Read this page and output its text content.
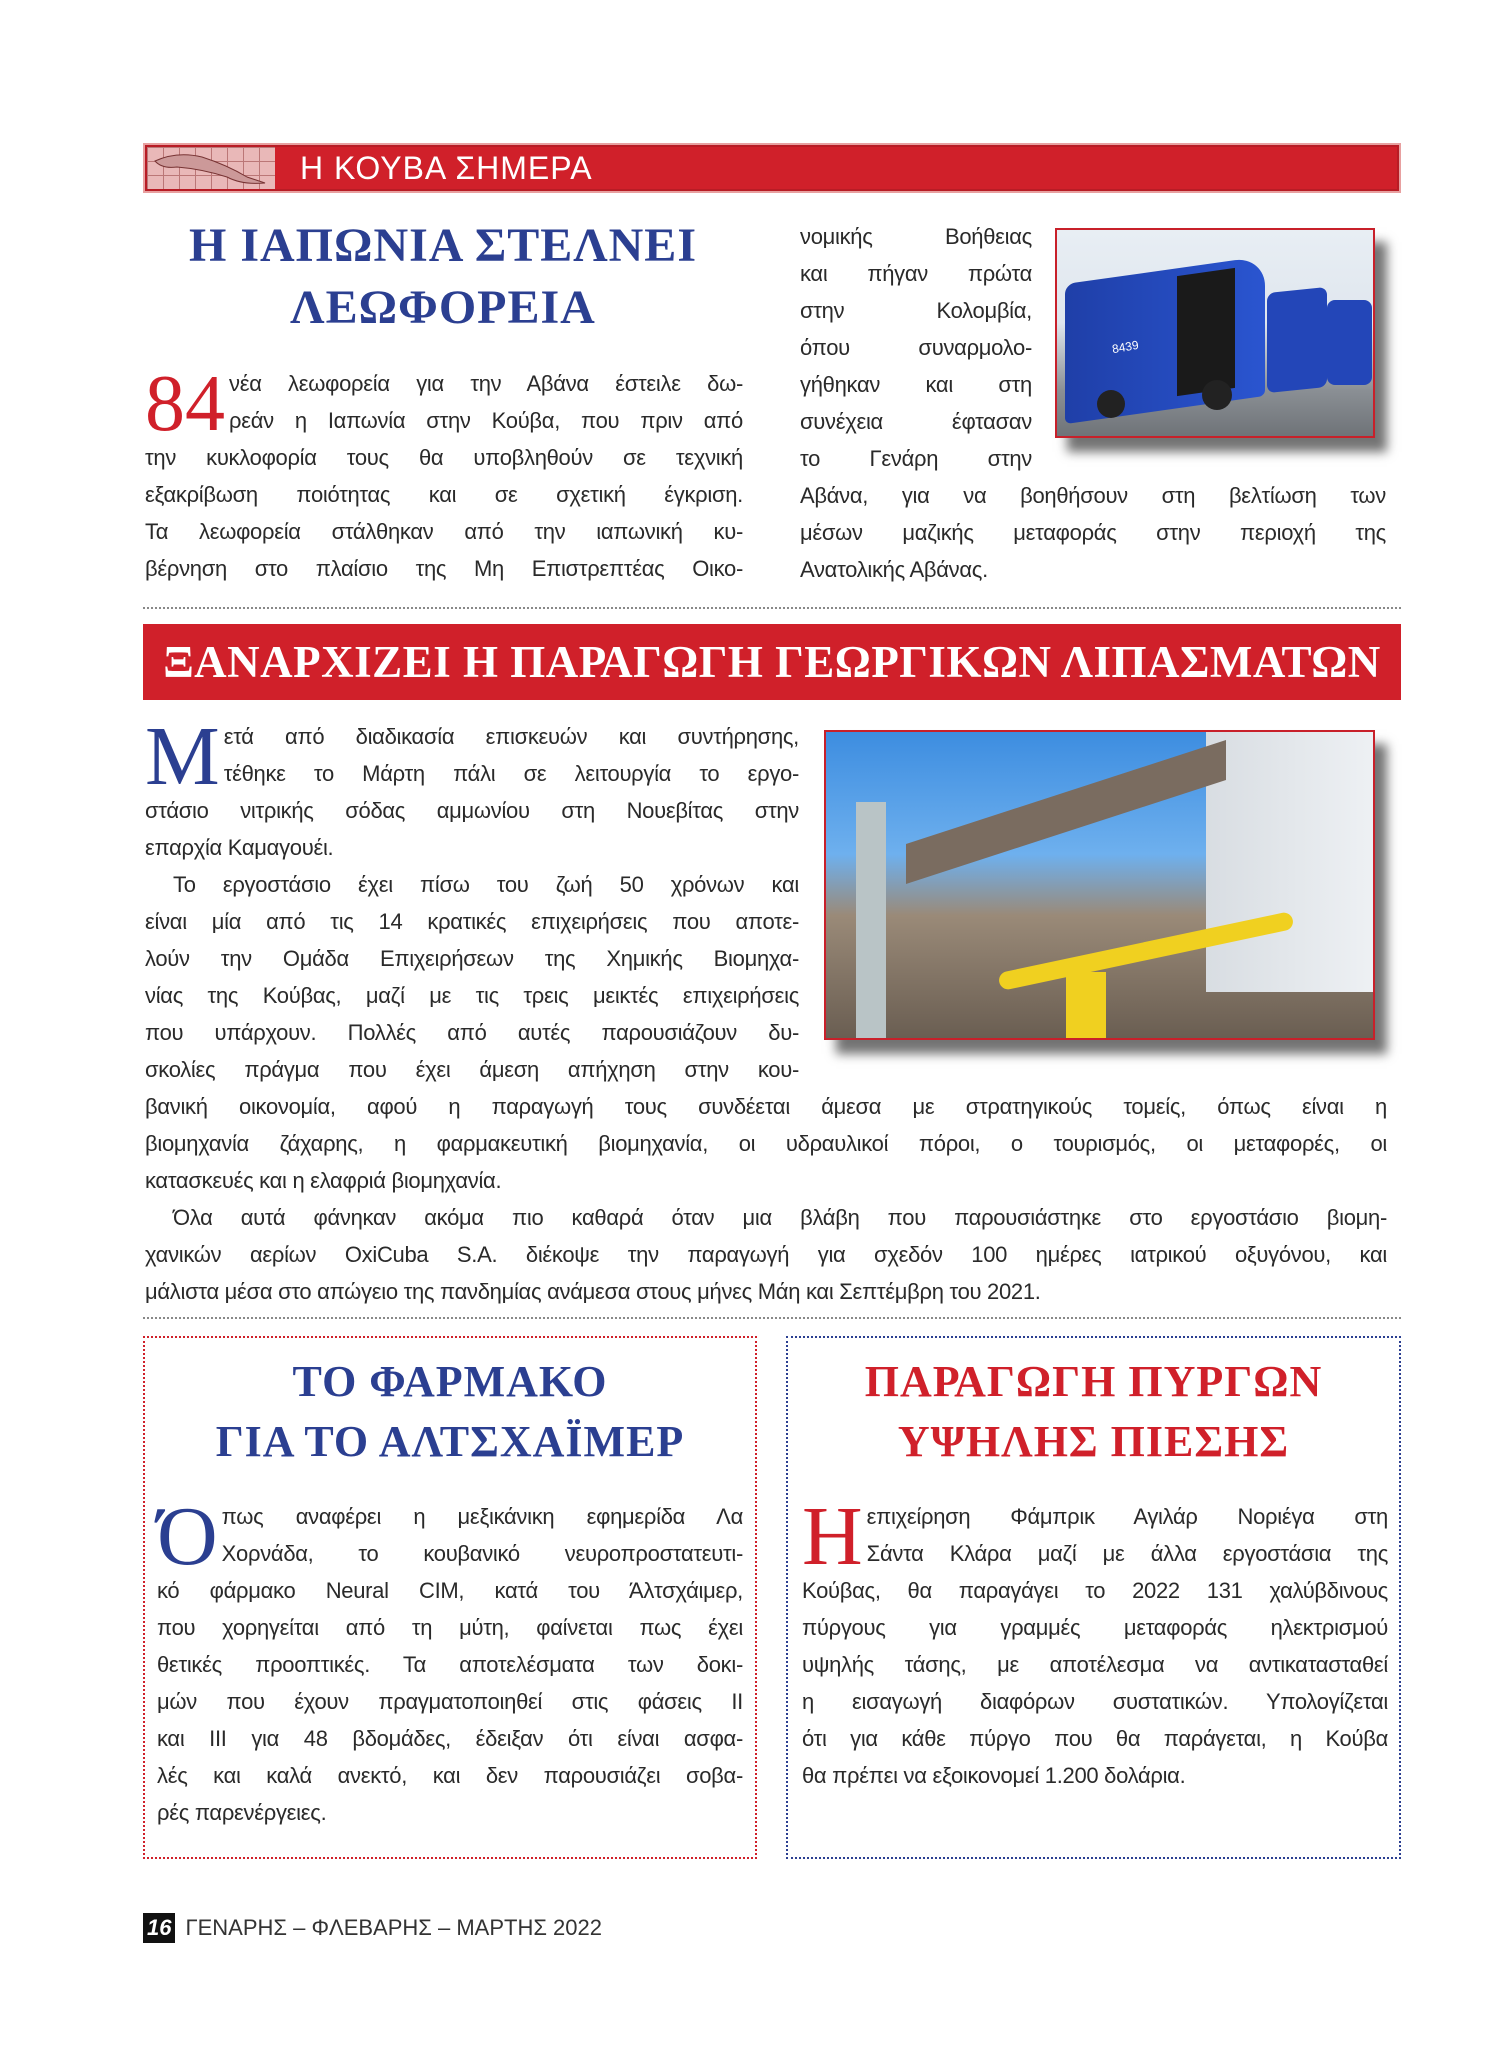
Η ΚΟΥΒΑ ΣΗΜΕΡΑ
Η ΙΑΠΩΝΙΑ ΣΤΕΛΝΕΙ
ΛΕΩΦΟΡΕΙΑ
84 νέα λεωφορεία για την Αβάνα έστειλε δω-
ρεάν η Ιαπωνία στην Κούβα, που πριν από
την κυκλοφορία τους θα υποβληθούν σε τεχνική
εξακρίβωση ποιότητας και σε σχετική έγκριση.
Τα λεωφορεία στάλθηκαν από την ιαπωνική κυ-
βέρνηση στο πλαίσιο της Μη Επιστρεπτέας Οικο-
νομικής Βοήθειας
και πήγαν πρώτα
στην Κολομβία,
όπου συναρμολο-
γήθηκαν και στη
συνέχεια έφτασαν
το Γενάρη στην
Αβάνα, για να βοηθήσουν στη βελτίωση των
μέσων μαζικής μεταφοράς στην περιοχή της
Ανατολικής Αβάνας.
8439
ΞΑΝΑΡΧΙΖΕΙ Η ΠΑΡΑΓΩΓΗ ΓΕΩΡΓΙΚΩΝ ΛΙΠΑΣΜΑΤΩΝ
Μ ετά από διαδικασία επισκευών και συντήρησης,
τέθηκε το Μάρτη πάλι σε λειτουργία το εργο-
στάσιο νιτρικής σόδας αμμωνίου στη Νουεβίτας στην
επαρχία Καμαγουέι.
Το εργοστάσιο έχει πίσω του ζωή 50 χρόνων και
είναι μία από τις 14 κρατικές επιχειρήσεις που αποτε-
λούν την Ομάδα Επιχειρήσεων της Χημικής Βιομηχα-
νίας της Κούβας, μαζί με τις τρεις μεικτές επιχειρήσεις
που υπάρχουν. Πολλές από αυτές παρουσιάζουν δυ-
σκολίες πράγμα που έχει άμεση απήχηση στην κου-
βανική οικονομία, αφού η παραγωγή τους συνδέεται άμεσα με στρατηγικούς τομείς, όπως είναι η
βιομηχανία ζάχαρης, η φαρμακευτική βιομηχανία, οι υδραυλικοί πόροι, ο τουρισμός, οι μεταφορές, οι
κατασκευές και η ελαφριά βιομηχανία.
Όλα αυτά φάνηκαν ακόμα πιο καθαρά όταν μια βλάβη που παρουσιάστηκε στο εργοστάσιο βιομη-
χανικών αερίων OxiCuba S.A. διέκοψε την παραγωγή για σχεδόν 100 ημέρες ιατρικού οξυγόνου, και
μάλιστα μέσα στο απώγειο της πανδημίας ανάμεσα στους μήνες Μάη και Σεπτέμβρη του 2021.
ΤΟ ΦΑΡΜΑΚΟ
ΓΙΑ ΤΟ ΑΛΤΣΧΑΪΜΕΡ
Ό πως αναφέρει η μεξικάνικη εφημερίδα Λα
Χορνάδα, το κουβανικό νευροπροστατευτι-
κό φάρμακο Neural CIM, κατά του Άλτσχάιμερ,
που χορηγείται από τη μύτη, φαίνεται πως έχει
θετικές προοπτικές. Τα αποτελέσματα των δοκι-
μών που έχουν πραγματοποιηθεί στις φάσεις ΙΙ
και ΙΙΙ για 48 βδομάδες, έδειξαν ότι είναι ασφα-
λές και καλά ανεκτό, και δεν παρουσιάζει σοβα-
ρές παρενέργειες.
ΠΑΡΑΓΩΓΗ ΠΥΡΓΩΝ
ΥΨΗΛΗΣ ΠΙΕΣΗΣ
Η επιχείρηση Φάμπρικ Αγιλάρ Νοριέγα στη
Σάντα Κλάρα μαζί με άλλα εργοστάσια της
Κούβας, θα παραγάγει το 2022 131 χαλύβδινους
πύργους για γραμμές μεταφοράς ηλεκτρισμού
υψηλής τάσης, με αποτέλεσμα να αντικατασταθεί
η εισαγωγή διαφόρων συστατικών. Υπολογίζεται
ότι για κάθε πύργο που θα παράγεται, η Κούβα
θα πρέπει να εξοικονομεί 1.200 δολάρια.
16 ΓΕΝΑΡΗΣ – ΦΛΕΒΑΡΗΣ – ΜΑΡΤΗΣ 2022
